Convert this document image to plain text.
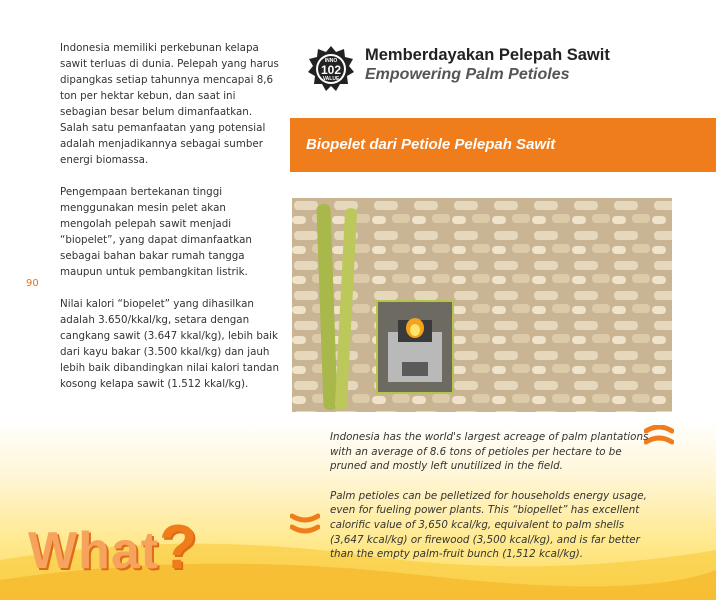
Indonesia memiliki perkebunan kelapa sawit terluas di dunia. Pelepah yang harus dipangkas setiap tahunnya mencapai 8,6 ton per hektar kebun, dan saat ini sebagian besar belum dimanfaatkan. Salah satu pemanfaatan yang potensial adalah menjadikannya sebagai sumber energi biomassa.

Pengempaan bertekanan tinggi menggunakan mesin pelet akan mengolah pelepah sawit menjadi “biopelet”, yang dapat dimanfaatkan sebagai bahan bakar rumah tangga maupun untuk pembangkitan listrik.

Nilai kalori “biopelet” yang dihasilkan adalah 3.650/kkal/kg, setara dengan cangkang sawit (3.647 kkal/kg), lebih baik dari kayu bakar (3.500 kkal/kg) dan jauh lebih baik dibandingkan nilai kalori tandan kosong kelapa sawit (1.512 kkal/kg).

90
INNO
102
VALUE
Memberdayakan Pelepah Sawit
Empowering Palm Petioles
Biopelet dari Petiole Pelepah Sawit

Indonesia has the world's largest acreage of palm plantations with an average of 8.6 tons of petioles per hectare to be pruned and mostly left unutilized in the field.

Palm petioles can be pelletized for households energy usage, even for fueling power plants. This “biopellet” has excellent calorific value of 3,650 kcal/kg, equivalent to palm shells (3,647 kcal/kg) or firewood (3,500 kcal/kg), and is far better than the empty palm-fruit bunch (1,512 kcal/kg).

What?
